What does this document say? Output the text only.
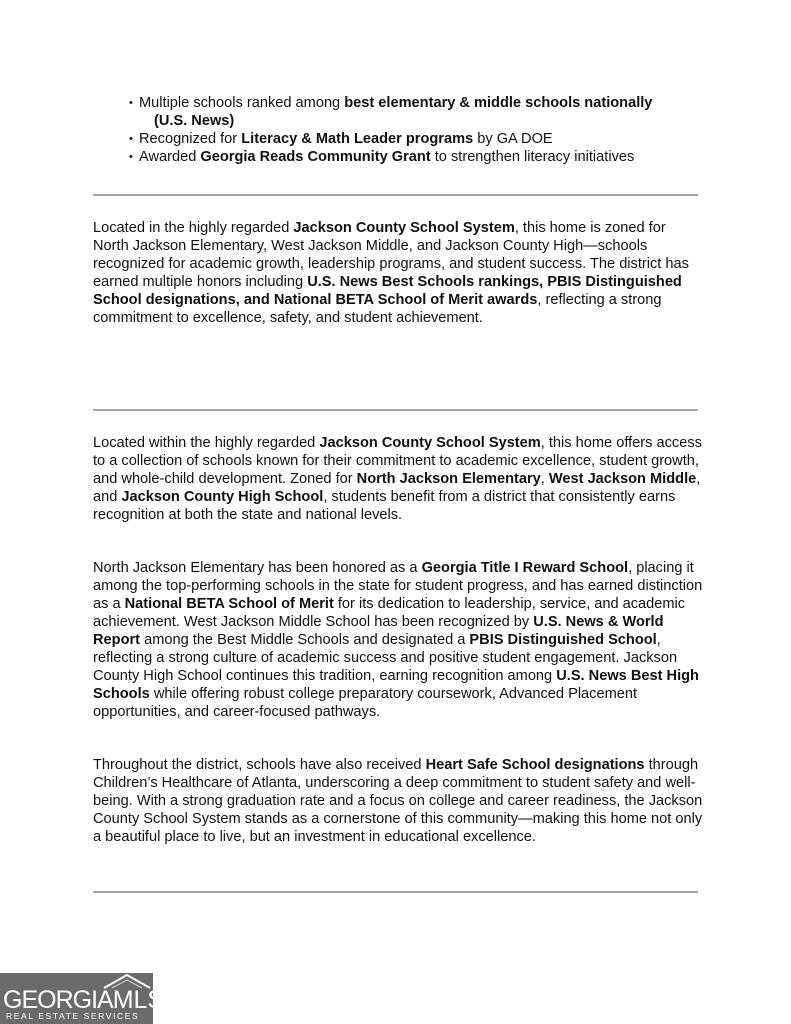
• Multiple schools ranked among best elementary & middle schools nationally
(U.S. News)
• Recognized for Literacy & Math Leader programs by GA DOE
• Awarded Georgia Reads Community Grant to strengthen literacy initiatives

Located in the highly regarded Jackson County School System, this home is zoned for North Jackson Elementary, West Jackson Middle, and Jackson County High—schools recognized for academic growth, leadership programs, and student success. The district has earned multiple honors including U.S. News Best Schools rankings, PBIS Distinguished School designations, and National BETA School of Merit awards, reflecting a strong commitment to excellence, safety, and student achievement.

Located within the highly regarded Jackson County School System, this home offers access to a collection of schools known for their commitment to academic excellence, student growth, and whole-child development. Zoned for North Jackson Elementary, West Jackson Middle, and Jackson County High School, students benefit from a district that consistently earns recognition at both the state and national levels.

North Jackson Elementary has been honored as a Georgia Title I Reward School, placing it among the top-performing schools in the state for student progress, and has earned distinction as a National BETA School of Merit for its dedication to leadership, service, and academic achievement. West Jackson Middle School has been recognized by U.S. News & World Report among the Best Middle Schools and designated a PBIS Distinguished School, reflecting a strong culture of academic success and positive student engagement. Jackson County High School continues this tradition, earning recognition among U.S. News Best High Schools while offering robust college preparatory coursework, Advanced Placement opportunities, and career-focused pathways.

Throughout the district, schools have also received Heart Safe School designations through Children’s Healthcare of Atlanta, underscoring a deep commitment to student safety and well-being. With a strong graduation rate and a focus on college and career readiness, the Jackson County School System stands as a cornerstone of this community—making this home not only a beautiful place to live, but an investment in educational excellence.

GEORGIAMLS
REAL ESTATE SERVICES
